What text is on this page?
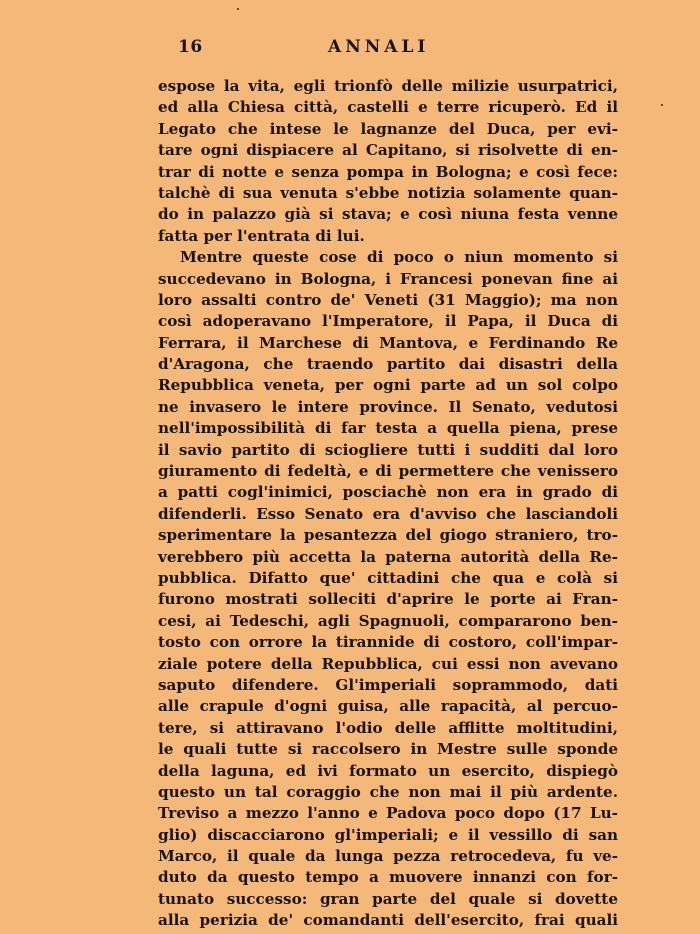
16	ANNALI
espose la vita, egli trionfò delle milizie usurpatrici,
ed alla Chiesa città, castelli e terre ricuperò. Ed il
Legato che intese le lagnanze del Duca, per evi-
tare ogni dispiacere al Capitano, si risolvette di en-
trar di notte e senza pompa in Bologna; e così fece:
talchè di sua venuta s'ebbe notizia solamente quan-
do in palazzo già si stava; e così niuna festa venne
fatta per l'entrata di lui.
Mentre queste cose di poco o niun momento si
succedevano in Bologna, i Francesi ponevan fine ai
loro assalti contro de' Veneti (31 Maggio); ma non
così adoperavano l'Imperatore, il Papa, il Duca di
Ferrara, il Marchese di Mantova, e Ferdinando Re
d'Aragona, che traendo partito dai disastri della
Repubblica veneta, per ogni parte ad un sol colpo
ne invasero le intere province. Il Senato, vedutosi
nell'impossibilità di far testa a quella piena, prese
il savio partito di sciogliere tutti i sudditi dal loro
giuramento di fedeltà, e di permettere che venissero
a patti cogl'inimici, posciachè non era in grado di
difenderli. Esso Senato era d'avviso che lasciandoli
sperimentare la pesantezza del giogo straniero, tro-
verebbero più accetta la paterna autorità della Re-
pubblica. Difatto que' cittadini che qua e colà si
furono mostrati solleciti d'aprire le porte ai Fran-
cesi, ai Tedeschi, agli Spagnuoli, compararono ben-
tosto con orrore la tirannide di costoro, coll'impar-
ziale potere della Repubblica, cui essi non avevano
saputo difendere. Gl'imperiali soprammodo, dati
alle crapule d'ogni guisa, alle rapacità, al percuo-
tere, si attiravano l'odio delle afflitte moltitudini,
le quali tutte si raccolsero in Mestre sulle sponde
della laguna, ed ivi formato un esercito, dispiegò
questo un tal coraggio che non mai il più ardente.
Treviso a mezzo l'anno e Padova poco dopo (17 Lu-
glio) discacciarono gl'imperiali; e il vessillo di san
Marco, il quale da lunga pezza retrocedeva, fu ve-
duto da questo tempo a muovere innanzi con for-
tunato successo: gran parte del quale si dovette
alla perizia de' comandanti dell'esercito, frai quali
